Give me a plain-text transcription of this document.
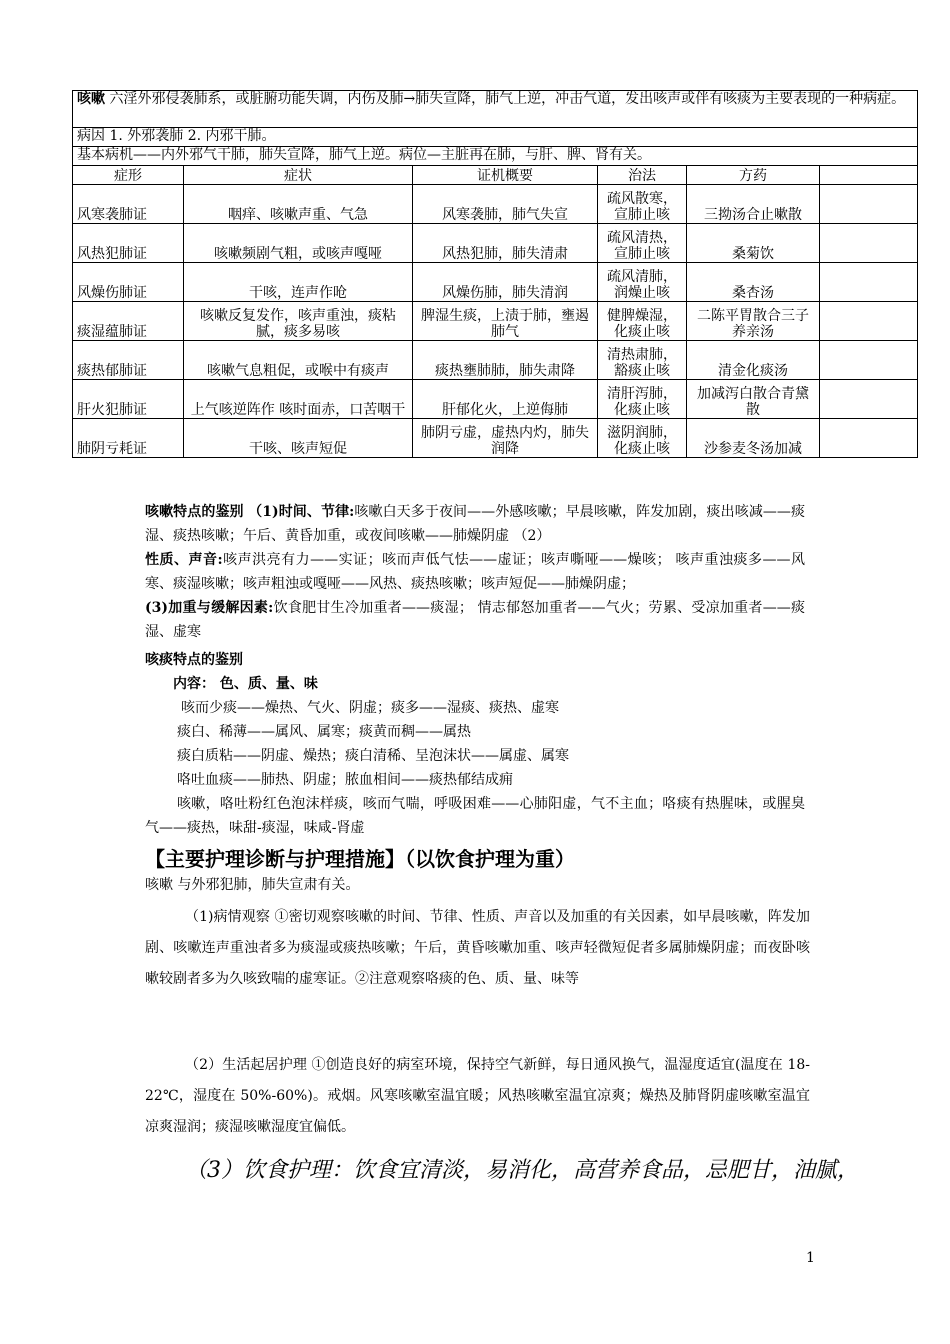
咳嗽 六淫外邪侵袭肺系，或脏腑功能失调，内伤及肺→肺失宣降，肺气上逆，冲击气道，发出咳声或伴有咳痰为主要表现的一种病症。					
病因 1. 外邪袭肺 2. 内邪干肺。					
基本病机——内外邪气干肺，肺失宣降，肺气上逆。病位—主脏再在肺，与肝、脾、肾有关。					
症形	症状	证机概要	治法	方药	
风寒袭肺证	咽痒、咳嗽声重、气急	风寒袭肺，肺气失宣	疏风散寒，宣肺止咳	三拗汤合止嗽散	
风热犯肺证	咳嗽频剧气粗，或咳声嘎哑	风热犯肺，肺失清肃	疏风清热，宣肺止咳	桑菊饮	
风燥伤肺证	干咳，连声作呛	风燥伤肺，肺失清润	疏风清肺，润燥止咳	桑杏汤	
痰湿蕴肺证	咳嗽反复发作，咳声重浊，痰粘腻，痰多易咳	脾湿生痰，上渍于肺，壅遏肺气	健脾燥湿，化痰止咳	二陈平胃散合三子养亲汤	
痰热郁肺证	咳嗽气息粗促，或喉中有痰声	痰热壅肺肺，肺失肃降	清热肃肺，豁痰止咳	清金化痰汤	
肝火犯肺证	上气咳逆阵作 咳时面赤，口苦咽干	肝郁化火，上逆侮肺	清肝泻肺，化痰止咳	加减泻白散合青黛散	
肺阴亏耗证	干咳、咳声短促	肺阴亏虚，虚热内灼，肺失润降	滋阴润肺，化痰止咳	沙参麦冬汤加减	

咳嗽特点的鉴别 （1)时间、节律:咳嗽白天多于夜间——外感咳嗽；早晨咳嗽，阵发加剧，痰出咳减——痰湿、痰热咳嗽；午后、黄昏加重，或夜间咳嗽——肺燥阴虚 （2）

性质、声音:咳声洪亮有力——实证；咳而声低气怯——虚证；咳声嘶哑——燥咳； 咳声重浊痰多——风寒、痰湿咳嗽；咳声粗浊或嘎哑——风热、痰热咳嗽；咳声短促——肺燥阴虚；

(3)加重与缓解因素:饮食肥甘生冷加重者——痰湿； 情志郁怒加重者——气火；劳累、受凉加重者——痰湿、虚寒

咳痰特点的鉴别

内容： 色、质、量、味

咳而少痰——燥热、气火、阴虚；痰多——湿痰、痰热、虚寒

痰白、稀薄——属风、属寒；痰黄而稠——属热

痰白质粘——阴虚、燥热；痰白清稀、呈泡沫状——属虚、属寒

咯吐血痰——肺热、阴虚；脓血相间——痰热郁结成痈

咳嗽，咯吐粉红色泡沫样痰，咳而气喘，呼吸困难——心肺阳虚，气不主血；咯痰有热腥味，或腥臭气——痰热，味甜-痰湿，味咸-肾虚

【主要护理诊断与护理措施】（以饮食护理为重）
咳嗽 与外邪犯肺，肺失宣肃有关。

（1)病情观察 ①密切观察咳嗽的时间、节律、性质、声音以及加重的有关因素，如早晨咳嗽，阵发加剧、咳嗽连声重浊者多为痰湿或痰热咳嗽；午后，黄昏咳嗽加重、咳声轻微短促者多属肺燥阴虚；而夜卧咳嗽较剧者多为久咳致喘的虚寒证。②注意观察咯痰的色、质、量、味等

（2）生活起居护理 ①创造良好的病室环境，保持空气新鲜，每日通风换气，温湿度适宜(温度在 18-22℃，湿度在 50%-60%)。戒烟。风寒咳嗽室温宜暖；风热咳嗽室温宜凉爽；燥热及肺肾阴虚咳嗽室温宜凉爽湿润；痰湿咳嗽湿度宜偏低。

（3）饮食护理：饮食宜清淡，易消化，高营养食品，忌肥甘，油腻，
1
